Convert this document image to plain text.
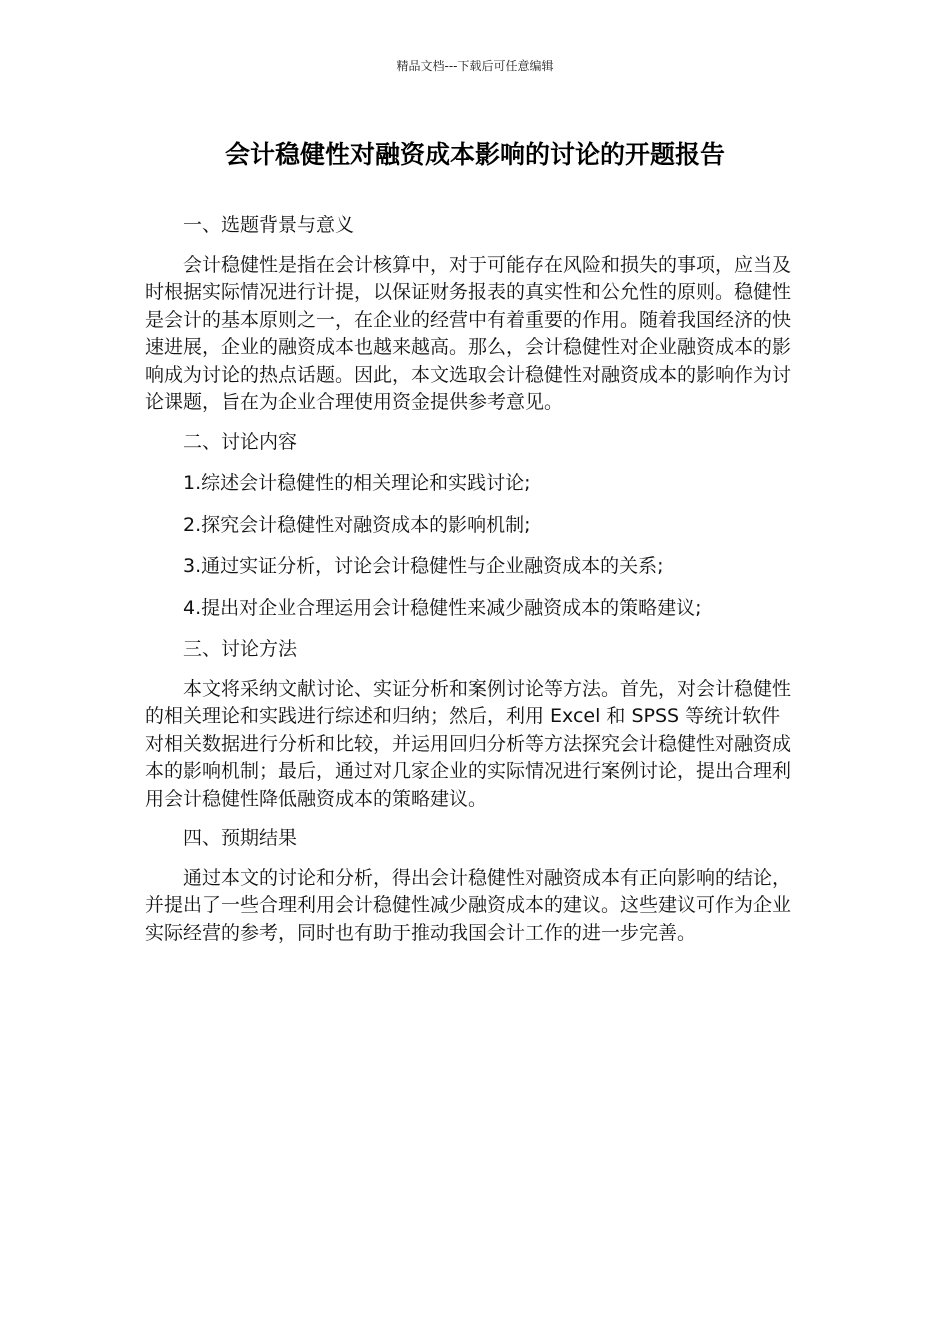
精品文档---下载后可任意编辑
会计稳健性对融资成本影响的讨论的开题报告

一、选题背景与意义

会计稳健性是指在会计核算中，对于可能存在风险和损失的事项，应当及时根据实际情况进行计提，以保证财务报表的真实性和公允性的原则。稳健性是会计的基本原则之一，在企业的经营中有着重要的作用。随着我国经济的快速进展，企业的融资成本也越来越高。那么，会计稳健性对企业融资成本的影响成为讨论的热点话题。因此，本文选取会计稳健性对融资成本的影响作为讨论课题，旨在为企业合理使用资金提供参考意见。

二、讨论内容

1.综述会计稳健性的相关理论和实践讨论;

2.探究会计稳健性对融资成本的影响机制;

3.通过实证分析，讨论会计稳健性与企业融资成本的关系;

4.提出对企业合理运用会计稳健性来减少融资成本的策略建议;

三、讨论方法

本文将采纳文献讨论、实证分析和案例讨论等方法。首先，对会计稳健性的相关理论和实践进行综述和归纳；然后，利用 Excel 和 SPSS 等统计软件对相关数据进行分析和比较，并运用回归分析等方法探究会计稳健性对融资成本的影响机制；最后，通过对几家企业的实际情况进行案例讨论，提出合理利用会计稳健性降低融资成本的策略建议。

四、预期结果

通过本文的讨论和分析，得出会计稳健性对融资成本有正向影响的结论，并提出了一些合理利用会计稳健性减少融资成本的建议。这些建议可作为企业实际经营的参考，同时也有助于推动我国会计工作的进一步完善。
